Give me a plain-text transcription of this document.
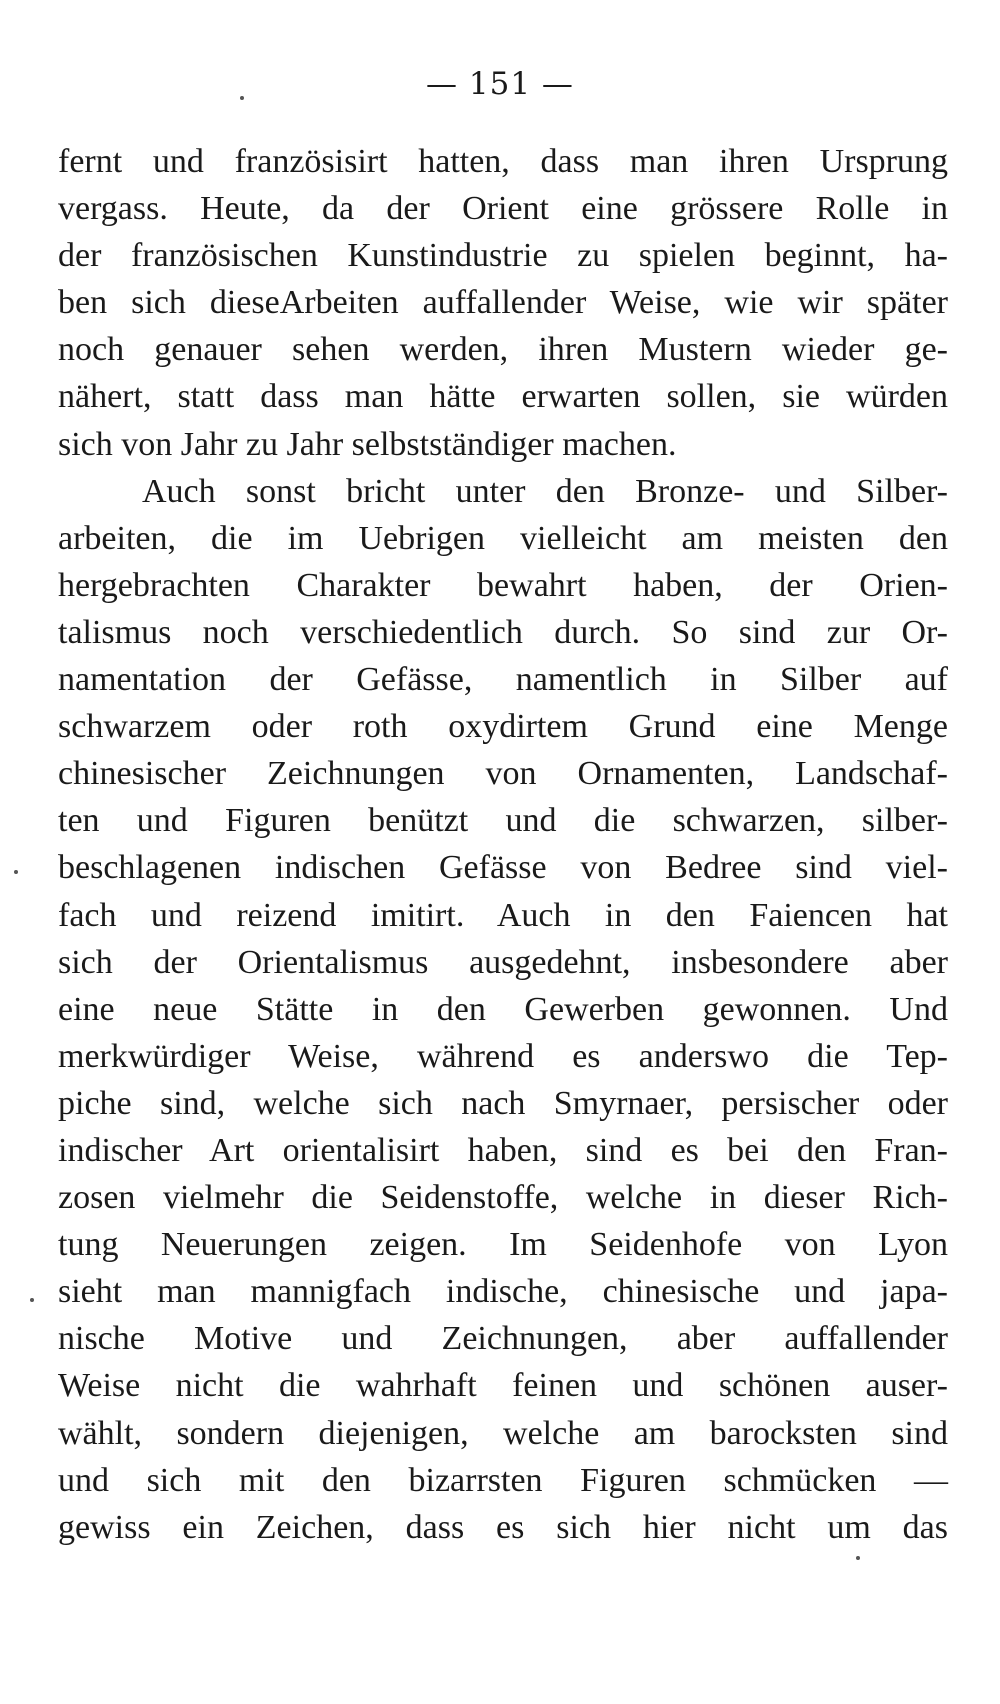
— 151 —
fernt und französisirt hatten, dass man ihren Ursprung
vergass. Heute, da der Orient eine grössere Rolle in
der französischen Kunstindustrie zu spielen beginnt, ha-
ben sich dieseArbeiten auffallender Weise, wie wir später
noch genauer sehen werden, ihren Mustern wieder ge-
nähert, statt dass man hätte erwarten sollen, sie würden
sich von Jahr zu Jahr selbstständiger machen.
Auch sonst bricht unter den Bronze- und Silber-
arbeiten, die im Uebrigen vielleicht am meisten den
hergebrachten Charakter bewahrt haben, der Orien-
talismus noch verschiedentlich durch. So sind zur Or-
namentation der Gefässe, namentlich in Silber auf
schwarzem oder roth oxydirtem Grund eine Menge
chinesischer Zeichnungen von Ornamenten, Landschaf-
ten und Figuren benützt und die schwarzen, silber-
beschlagenen indischen Gefässe von Bedree sind viel-
fach und reizend imitirt. Auch in den Faiencen hat
sich der Orientalismus ausgedehnt, insbesondere aber
eine neue Stätte in den Gewerben gewonnen. Und
merkwürdiger Weise, während es anderswo die Tep-
piche sind, welche sich nach Smyrnaer, persischer oder
indischer Art orientalisirt haben, sind es bei den Fran-
zosen vielmehr die Seidenstoffe, welche in dieser Rich-
tung Neuerungen zeigen. Im Seidenhofe von Lyon
sieht man mannigfach indische, chinesische und japa-
nische Motive und Zeichnungen, aber auffallender
Weise nicht die wahrhaft feinen und schönen auser-
wählt, sondern diejenigen, welche am barocksten sind
und sich mit den bizarrsten Figuren schmücken —
gewiss ein Zeichen, dass es sich hier nicht um das
